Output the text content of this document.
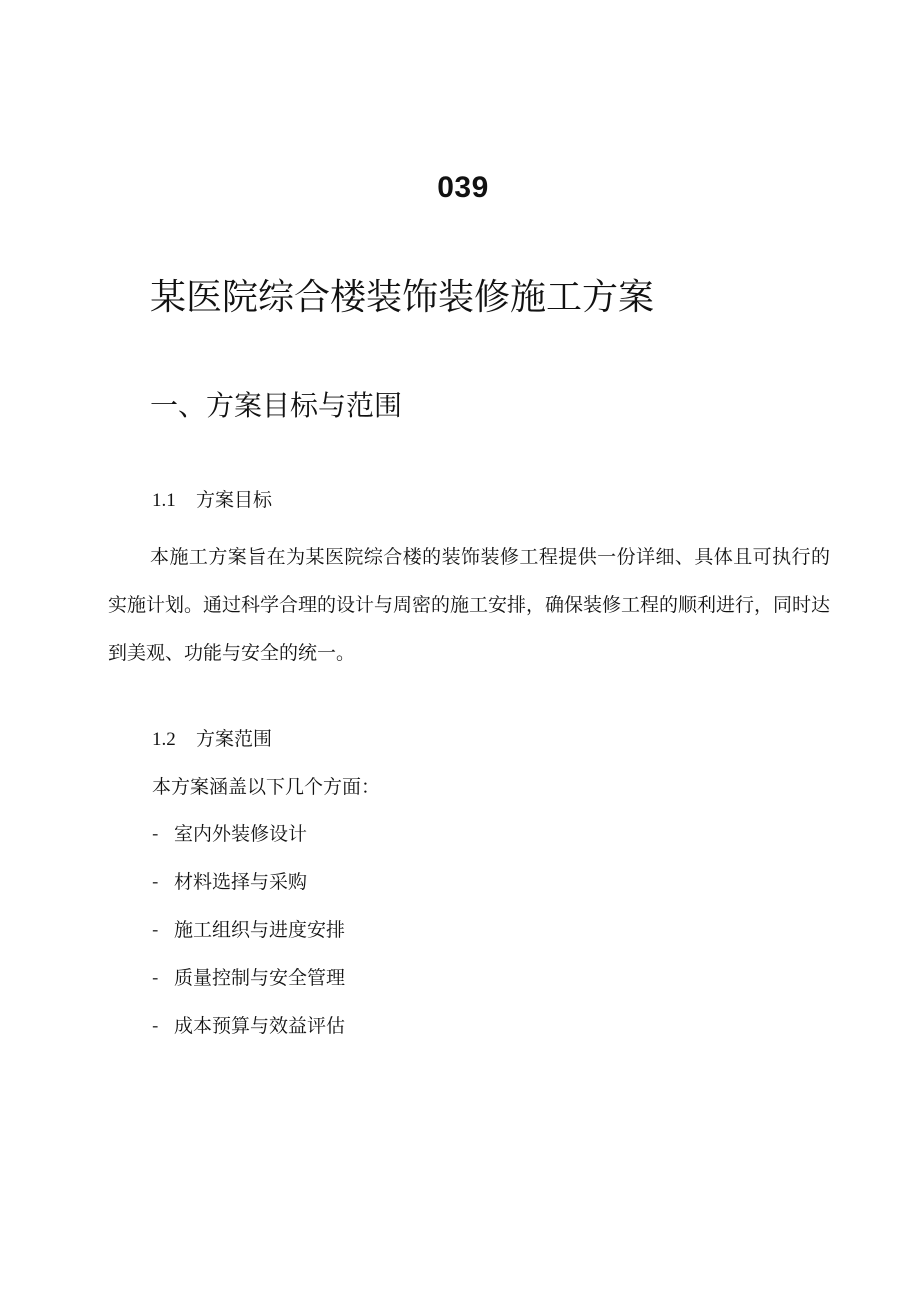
039
某医院综合楼装饰装修施工方案
一、方案目标与范围
1.1 方案目标
本施工方案旨在为某医院综合楼的装饰装修工程提供一份详细、具体且可执行的实施计划。通过科学合理的设计与周密的施工安排，确保装修工程的顺利进行，同时达到美观、功能与安全的统一。
1.2 方案范围
本方案涵盖以下几个方面：
- 室内外装修设计
- 材料选择与采购
- 施工组织与进度安排
- 质量控制与安全管理
- 成本预算与效益评估
